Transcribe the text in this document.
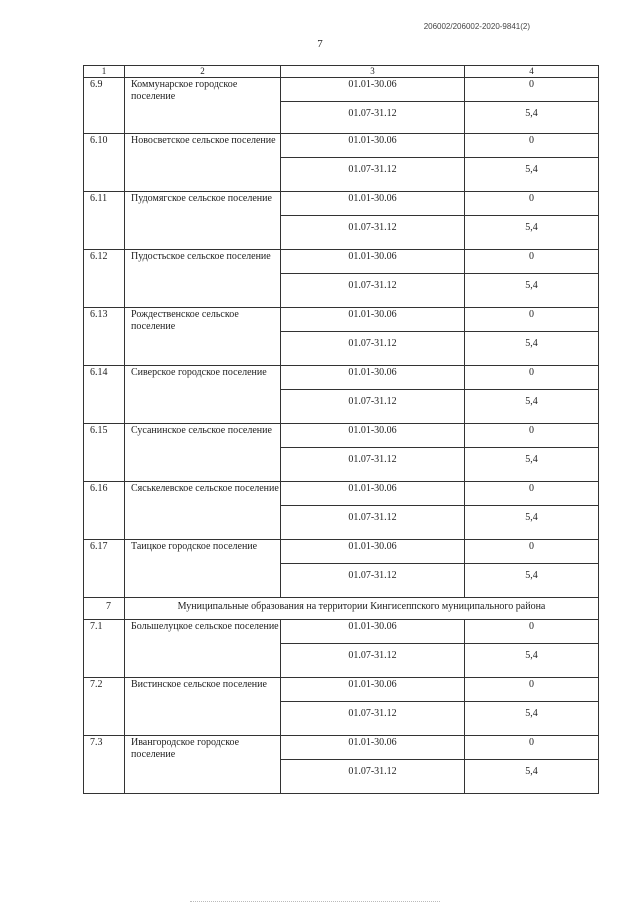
206002/206002-2020-9841(2)
7
1	2	3	4
6.9	Коммунарское городское поселение	01.01-30.06	0
		01.07-31.12	5,4
6.10	Новосветское сельское поселение	01.01-30.06	0
		01.07-31.12	5,4
6.11	Пудомягское сельское поселение	01.01-30.06	0
		01.07-31.12	5,4
6.12	Пудостьское сельское поселение	01.01-30.06	0
		01.07-31.12	5,4
6.13	Рождественское сельское поселение	01.01-30.06	0
		01.07-31.12	5,4
6.14	Сиверское городское поселение	01.01-30.06	0
		01.07-31.12	5,4
6.15	Сусанинское сельское поселение	01.01-30.06	0
		01.07-31.12	5,4
6.16	Сяськелевское сельское поселение	01.01-30.06	0
		01.07-31.12	5,4
6.17	Таицкое городское поселение	01.01-30.06	0
		01.07-31.12	5,4
7	Муниципальные образования на территории Кингисеппского муниципального района		
7.1	Большелуцкое сельское поселение	01.01-30.06	0
		01.07-31.12	5,4
7.2	Вистинское сельское поселение	01.01-30.06	0
		01.07-31.12	5,4
7.3	Ивангородское городское поселение	01.01-30.06	0
		01.07-31.12	5,4
